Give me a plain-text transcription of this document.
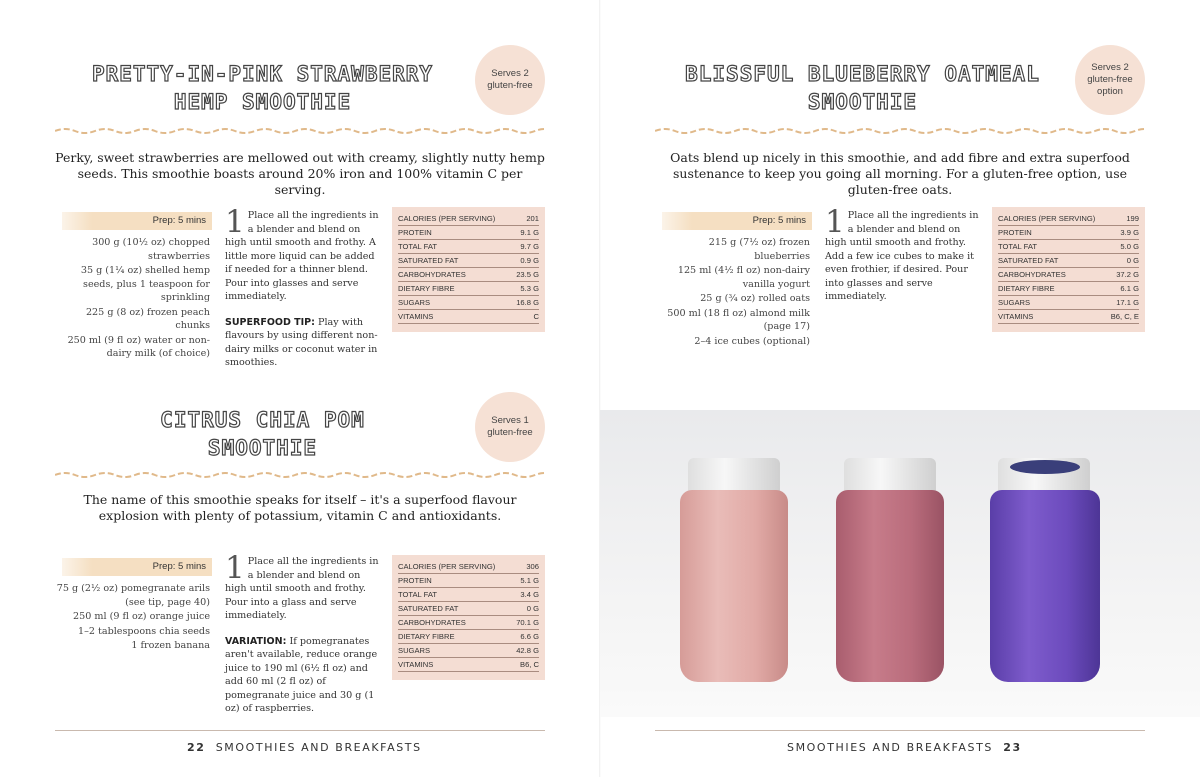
PRETTY-IN-PINK STRAWBERRY
HEMP SMOOTHIE
Serves 2
gluten-free
Perky, sweet strawberries are mellowed out with creamy, slightly nutty hemp seeds. This smoothie boasts around 20% iron and 100% vitamin C per serving.
Prep: 5 mins
300 g (10½ oz) chopped strawberries
35 g (1¼ oz) shelled hemp seeds, plus 1 teaspoon for sprinkling
225 g (8 oz) frozen peach chunks
250 ml (9 fl oz) water or non-dairy milk (of choice)
1 Place all the ingredients in a blender and blend on high until smooth and frothy. A little more liquid can be added if needed for a thinner blend. Pour into glasses and serve immediately.
SUPERFOOD TIP: Play with flavours by using different non-dairy milks or coconut water in smoothies.
CALORIES (PER SERVING)	201
PROTEIN	9.1 G
TOTAL FAT	9.7 G
SATURATED FAT	0.9 G
CARBOHYDRATES	23.5 G
DIETARY FIBRE	5.3 G
SUGARS	16.8 G
VITAMINS	C
BLISSFUL BLUEBERRY OATMEAL
SMOOTHIE
Serves 2
gluten-free
option
Oats blend up nicely in this smoothie, and add fibre and extra superfood sustenance to keep you going all morning. For a gluten-free option, use gluten-free oats.
Prep: 5 mins
215 g (7½ oz) frozen blueberries
125 ml (4½ fl oz) non-dairy vanilla yogurt
25 g (¾ oz) rolled oats
500 ml (18 fl oz) almond milk (page 17)
2–4 ice cubes (optional)
1 Place all the ingredients in a blender and blend on high until smooth and frothy. Add a few ice cubes to make it even frothier, if desired. Pour into glasses and serve immediately.
CALORIES (PER SERVING)	199
PROTEIN	3.9 G
TOTAL FAT	5.0 G
SATURATED FAT	0 G
CARBOHYDRATES	37.2 G
DIETARY FIBRE	6.1 G
SUGARS	17.1 G
VITAMINS	B6, C, E
CITRUS CHIA POM
SMOOTHIE
Serves 1
gluten-free
The name of this smoothie speaks for itself – it's a superfood flavour explosion with plenty of potassium, vitamin C and antioxidants.
Prep: 5 mins
75 g (2½ oz) pomegranate arils (see tip, page 40)
250 ml (9 fl oz) orange juice
1–2 tablespoons chia seeds
1 frozen banana
1 Place all the ingredients in a blender and blend on high until smooth and frothy. Pour into a glass and serve immediately.
VARIATION: If pomegranates aren't available, reduce orange juice to 190 ml (6½ fl oz) and add 60 ml (2 fl oz) of pomegranate juice and 30 g (1 oz) of raspberries.
CALORIES (PER SERVING)	306
PROTEIN	5.1 G
TOTAL FAT	3.4 G
SATURATED FAT	0 G
CARBOHYDRATES	70.1 G
DIETARY FIBRE	6.6 G
SUGARS	42.8 G
VITAMINS	B6, C
22 SMOOTHIES AND BREAKFASTS	SMOOTHIES AND BREAKFASTS 23
